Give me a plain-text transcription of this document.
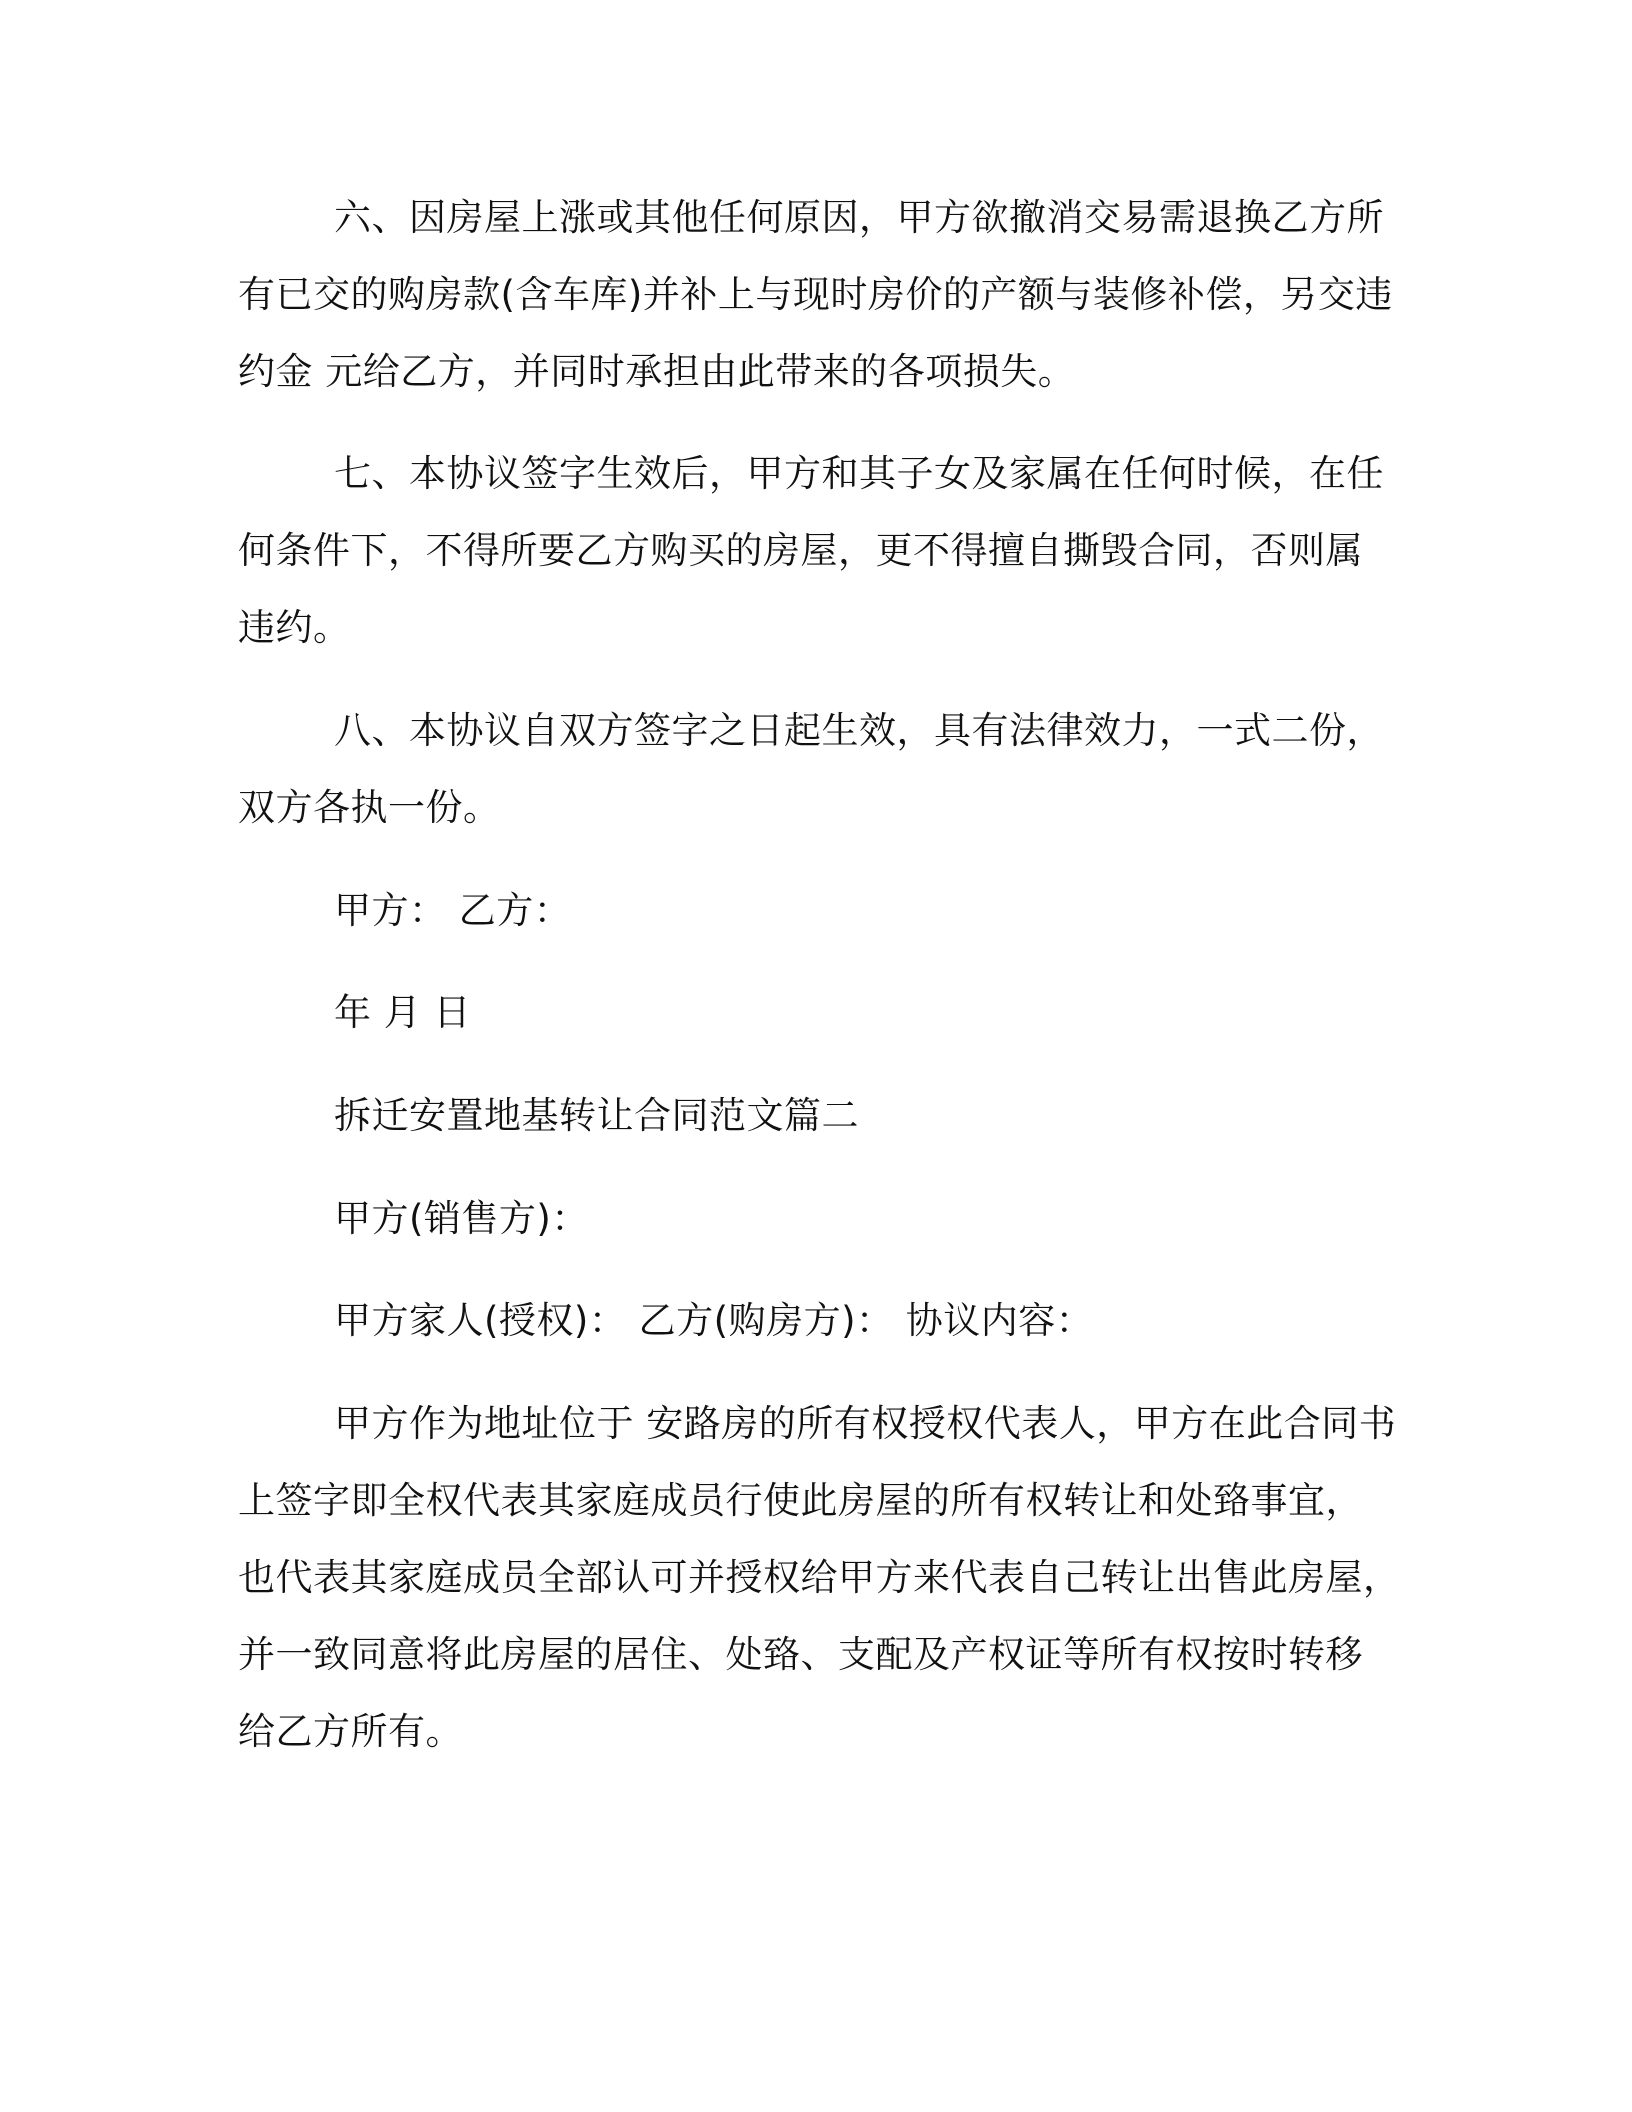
六、因房屋上涨或其他任何原因，甲方欲撤消交易需退换乙方所
有已交的购房款(含车库)并补上与现时房价的产额与装修补偿，另交违
约金 元给乙方，并同时承担由此带来的各项损失。
七、本协议签字生效后，甲方和其子女及家属在任何时候，在任
何条件下，不得所要乙方购买的房屋，更不得擅自撕毁合同，否则属
违约。
八、本协议自双方签字之日起生效，具有法律效力，一式二份，
双方各执一份。
甲方： 乙方：
年 月 日
拆迁安置地基转让合同范文篇二
甲方(销售方)：
甲方家人(授权)： 乙方(购房方)： 协议内容：
甲方作为地址位于 安路房的所有权授权代表人，甲方在此合同书
上签字即全权代表其家庭成员行使此房屋的所有权转让和处臵事宜，
也代表其家庭成员全部认可并授权给甲方来代表自己转让出售此房屋，
并一致同意将此房屋的居住、处臵、支配及产权证等所有权按时转移
给乙方所有。
